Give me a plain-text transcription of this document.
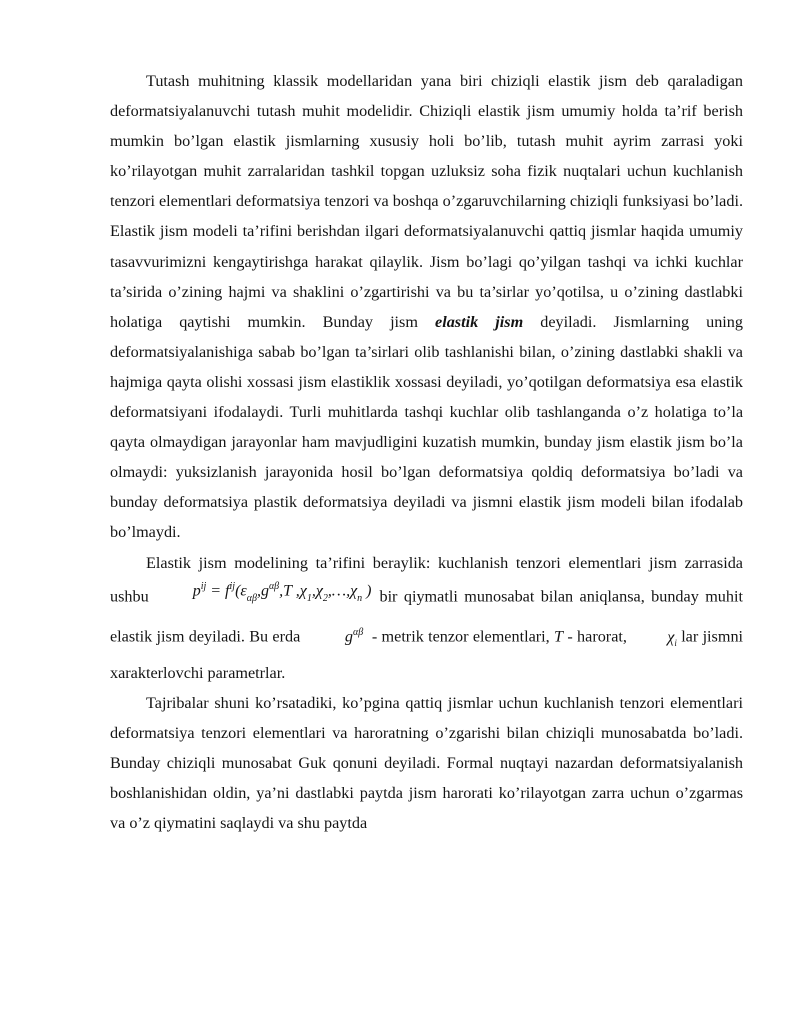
Tutash muhitning klassik modellaridan yana biri chiziqli elastik jism deb qaraladigan deformatsiyalanuvchi tutash muhit modelidir. Chiziqli elastik jism umumiy holda ta’rif berish mumkin bo’lgan elastik jismlarning xususiy holi bo’lib, tutash muhit ayrim zarrasi yoki ko’rilayotgan muhit zarralaridan tashkil topgan uzluksiz soha fizik nuqtalari uchun kuchlanish tenzori elementlari deformatsiya tenzori va boshqa o’zgaruvchilarning chiziqli funksiyasi bo’ladi. Elastik jism modeli ta’rifini berishdan ilgari deformatsiyalanuvchi qattiq jismlar haqida umumiy tasavvurimizni kengaytirishga harakat qilaylik. Jism bo’lagi qo’yilgan tashqi va ichki kuchlar ta’sirida o’zining hajmi va shaklini o’zgartirishi va bu ta’sirlar yo’qotilsa, u o’zining dastlabki holatiga qaytishi mumkin. Bunday jism elastik jism deyiladi. Jismlarning uning deformatsiyalanishiga sabab bo’lgan ta’sirlari olib tashlanishi bilan, o’zining dastlabki shakli va hajmiga qayta olishi xossasi jism elastiklik xossasi deyiladi, yo’qotilgan deformatsiya esa elastik deformatsiyani ifodalaydi. Turli muhitlarda tashqi kuchlar olib tashlanganda o’z holatiga to’la qayta olmaydigan jarayonlar ham mavjudligini kuzatish mumkin, bunday jism elastik jism bo’la olmaydi: yuksizlanish jarayonida hosil bo’lgan deformatsiya qoldiq deformatsiya bo’ladi va bunday deformatsiya plastik deformatsiya deyiladi va jismni elastik jism modeli bilan ifodalab bo’lmaydi.

Elastik jism modelining ta’rifini beraylik: kuchlanish tenzori elementlari jism zarrasida ushbu	$p^{ij} = f^{ij}(\varepsilon_{\alpha\beta},g^{\alpha\beta},T$ $,\chi_1,\chi_2,\dots,\chi_n$ ) bir qiymatli munosabat bilan aniqlansa, bunday muhit elastik jism deyiladi. Bu erda	$g^{\alpha\beta}$ - metrik tenzor elementlari, T - harorat, $\chi_i$ lar jismni xarakterlovchi parametrlar.

Tajribalar shuni ko’rsatadiki, ko’pgina qattiq jismlar uchun kuchlanish tenzori elementlari deformatsiya tenzori elementlari va haroratning o’zgarishi bilan chiziqli munosabatda bo’ladi. Bunday chiziqli munosabat Guk qonuni deyiladi. Formal nuqtayi nazardan deformatsiyalanish boshlanishidan oldin, ya’ni dastlabki paytda jism harorati ko’rilayotgan zarra uchun o’zgarmas va o’z qiymatini saqlaydi va shu paytda
